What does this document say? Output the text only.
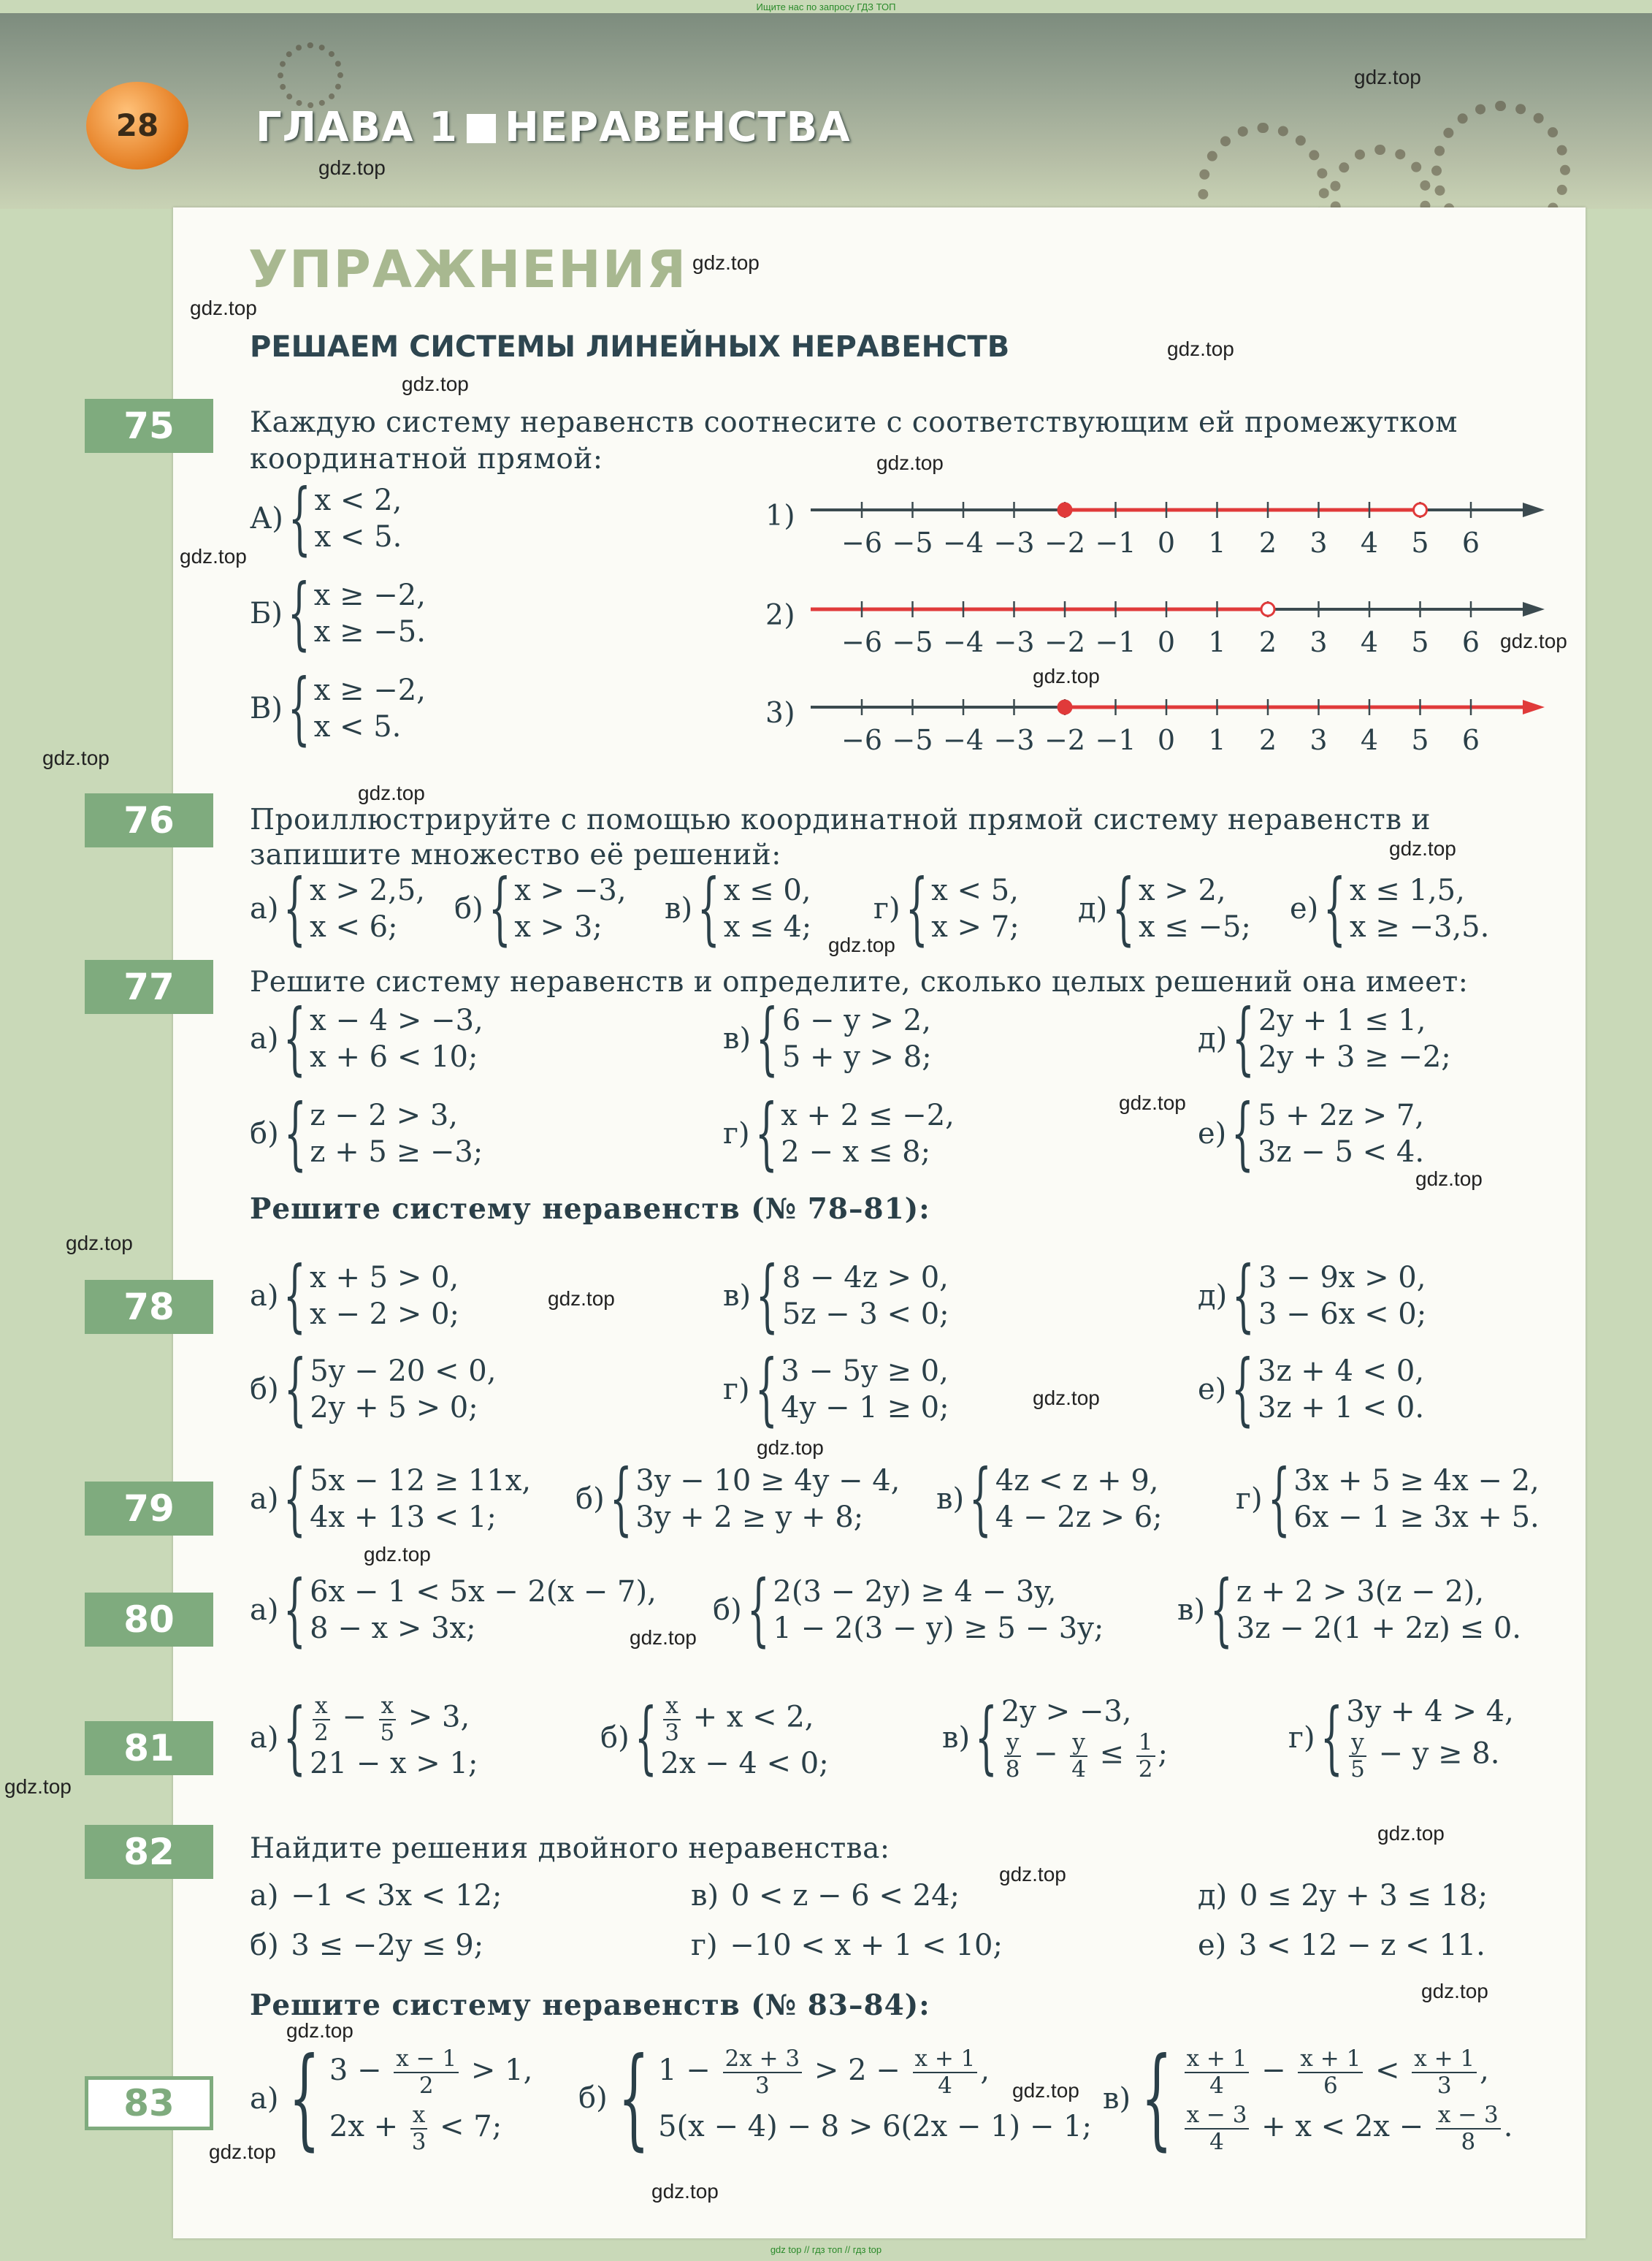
Ищите нас по запросу ГДЗ ТОП
28	ГЛАВА 1 НЕРАВЕНСТВА
УПРАЖНЕНИЯ
РЕШАЕМ СИСТЕМЫ ЛИНЕЙНЫХ НЕРАВЕНСТВ
75	Каждую систему неравенств соотнесите с соответствующим ей промежутком
координатной прямой:
А) { x < 2,
x < 5.
Б) { x ≥ −2,
x ≥ −5.
В) { x ≥ −2,
x < 5.
1)
2)
3)
−6 −5 −4 −3 −2 −1 0 1 2 3 4 5 6
−6 −5 −4 −3 −2 −1 0 1 2 3 4 5 6
−6 −5 −4 −3 −2 −1 0 1 2 3 4 5 6
76	Проиллюстрируйте с помощью координатной прямой систему неравенств и
запишите множество её решений:
а) { x > 2,5,
x < 6;
б) { x > −3,
x > 3;
в) { x ≤ 0,
x ≤ 4;
г) { x < 5,
x > 7;
д) { x > 2,
x ≤ −5;
е) { x ≤ 1,5,
x ≥ −3,5.
77	Решите систему неравенств и определите, сколько целых решений она имеет:
а) { x − 4 > −3,
x + 6 < 10;
в) { 6 − y > 2,
5 + y > 8;
д) { 2y + 1 ≤ 1,
2y + 3 ≥ −2;
б) { z − 2 > 3,
z + 5 ≥ −3;
г) { x + 2 ≤ −2,
2 − x ≤ 8;
е) { 5 + 2z > 7,
3z − 5 < 4.
Решите систему неравенств (№ 78–81):
78	а) { x + 5 > 0,
x − 2 > 0;
в) { 8 − 4z > 0,
5z − 3 < 0;
д) { 3 − 9x > 0,
3 − 6x < 0;
б) { 5y − 20 < 0,
2y + 5 > 0;
г) { 3 − 5y ≥ 0,
4y − 1 ≥ 0;
е) { 3z + 4 < 0,
3z + 1 < 0.
79	а) { 5x − 12 ≥ 11x,
4x + 13 < 1;
б) { 3y − 10 ≥ 4y − 4,
3y + 2 ≥ y + 8;
в) { 4z < z + 9,
4 − 2z > 6;
г) { 3x + 5 ≥ 4x − 2,
6x − 1 ≥ 3x + 5.
80	а) { 6x − 1 < 5x − 2(x − 7),
8 − x > 3x;
б) { 2(3 − 2y) ≥ 4 − 3y,
1 − 2(3 − y) ≥ 5 − 3y;
в) { z + 2 > 3(z − 2),
3z − 2(1 + 2z) ≤ 0.
81	а) { $\frac{x}{2} - \frac{x}{5} > 3$,
21 − x > 1;
б) { $\frac{x}{3} + x < 2$,
2x − 4 < 0;
в) { 2y > −3,
$\frac{y}{8} - \frac{y}{4} \le \frac{1}{2}$ ;	г) { 3y + 4 > 4,
$\frac{y}{5} - y \ge 8$.
82	Найдите решения двойного неравенства:
а)
−1 < 3x < 12;	в)
0 < z − 6 < 24;	д)
0 ≤ 2y + 3 ≤ 18;
б)
3 ≤ −2y ≤ 9;	г)
−10 < x + 1 < 10;	е)
3 < 12 − z < 11.
Решите систему неравенств (№ 83–84):
83	а) { $3 - \frac{x - 1}{2} > 1$,
$2x + \frac{x}{3} < 7$;
б) { $1 - \frac{2x + 3}{3} > 2 - \frac{x + 1}{4}$ ,
5(x − 4) − 8 > 6(2x − 1) − 1;
в) { $\frac{x + 1}{4} - \frac{x + 1}{6} < \frac{x + 1}{3}$ ,
$\frac{x - 3}{4} + x < 2x - \frac{x - 3}{8}$ .
gdz.top
gdz.top
gdz.top
gdz.top
gdz.top
gdz.top
gdz.top
gdz.top
gdz.top
gdz.top
gdz.top
gdz.top
gdz.top
gdz.top
gdz.top
gdz.top
gdz.top
gdz.top
gdz.top
gdz.top
gdz.top
gdz.top
gdz.top
gdz.top
gdz.top
gdz.top
gdz.top
gdz.top
gdz.top
gdz.top
gdz top // гдз топ // гдз top
